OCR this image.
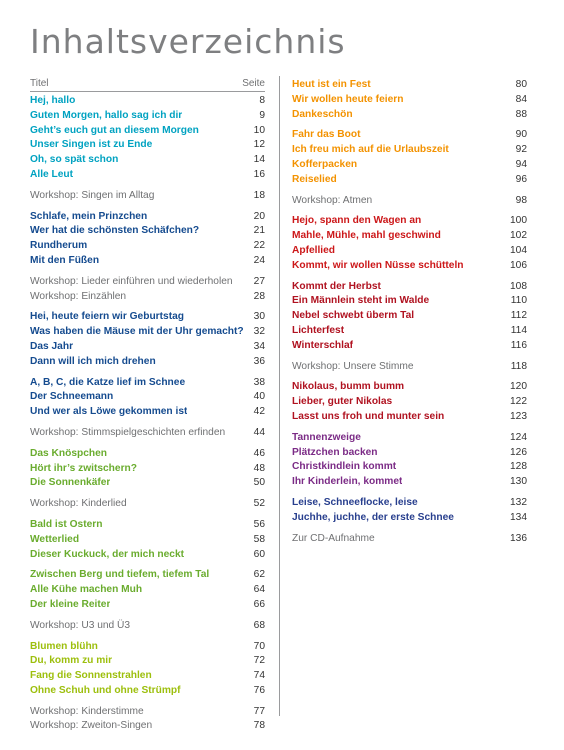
Inhaltsverzeichnis
Titel	Seite
Hej, hallo	8
Guten Morgen, hallo sag ich dir	9
Geht’s euch gut an diesem Morgen	10
Unser Singen ist zu Ende	12
Oh, so spät schon	14
Alle Leut	16
Workshop: Singen im Alltag	18
Schlafe, mein Prinzchen	20
Wer hat die schönsten Schäfchen?	21
Rundherum	22
Mit den Füßen	24
Workshop: Lieder einführen und wiederholen 27
Workshop: Einzählen	28
Hei, heute feiern wir Geburtstag	30
Was haben die Mäuse mit der Uhr gemacht? 32
Das Jahr	34
Dann will ich mich drehen	36
A, B, C, die Katze lief im Schnee	38
Der Schneemann	40
Und wer als Löwe gekommen ist	42
Workshop: Stimmspielgeschichten erfinden	44
Das Knöspchen	46
Hört ihr’s zwitschern?	48
Die Sonnenkäfer	50
Workshop: Kinderlied	52
Bald ist Ostern	56
Wetterlied	58
Dieser Kuckuck, der mich neckt	60
Zwischen Berg und tiefem, tiefem Tal	62
Alle Kühe machen Muh	64
Der kleine Reiter	66
Workshop: U3 und Ü3	68
Blumen blühn	70
Du, komm zu mir	72
Fang die Sonnenstrahlen	74
Ohne Schuh und ohne Strümpf	76
Workshop: Kinderstimme	77
Workshop: Zweiton-Singen	78
Heut ist ein Fest	80
Wir wollen heute feiern	84
Dankeschön	88
Fahr das Boot	90
Ich freu mich auf die Urlaubszeit	92
Kofferpacken	94
Reiselied	96
Workshop: Atmen	98
Hejo, spann den Wagen an	100
Mahle, Mühle, mahl geschwind	102
Apfellied	104
Kommt, wir wollen Nüsse schütteln	106
Kommt der Herbst	108
Ein Männlein steht im Walde	110
Nebel schwebt überm Tal	112
Lichterfest	114
Winterschlaf	116
Workshop: Unsere Stimme	118
Nikolaus, bumm bumm	120
Lieber, guter Nikolas	122
Lasst uns froh und munter sein	123
Tannenzweige	124
Plätzchen backen	126
Christkindlein kommt	128
Ihr Kinderlein, kommet	130
Leise, Schneeflocke, leise	132
Juchhe, juchhe, der erste Schnee	134
Zur CD-Aufnahme	136
